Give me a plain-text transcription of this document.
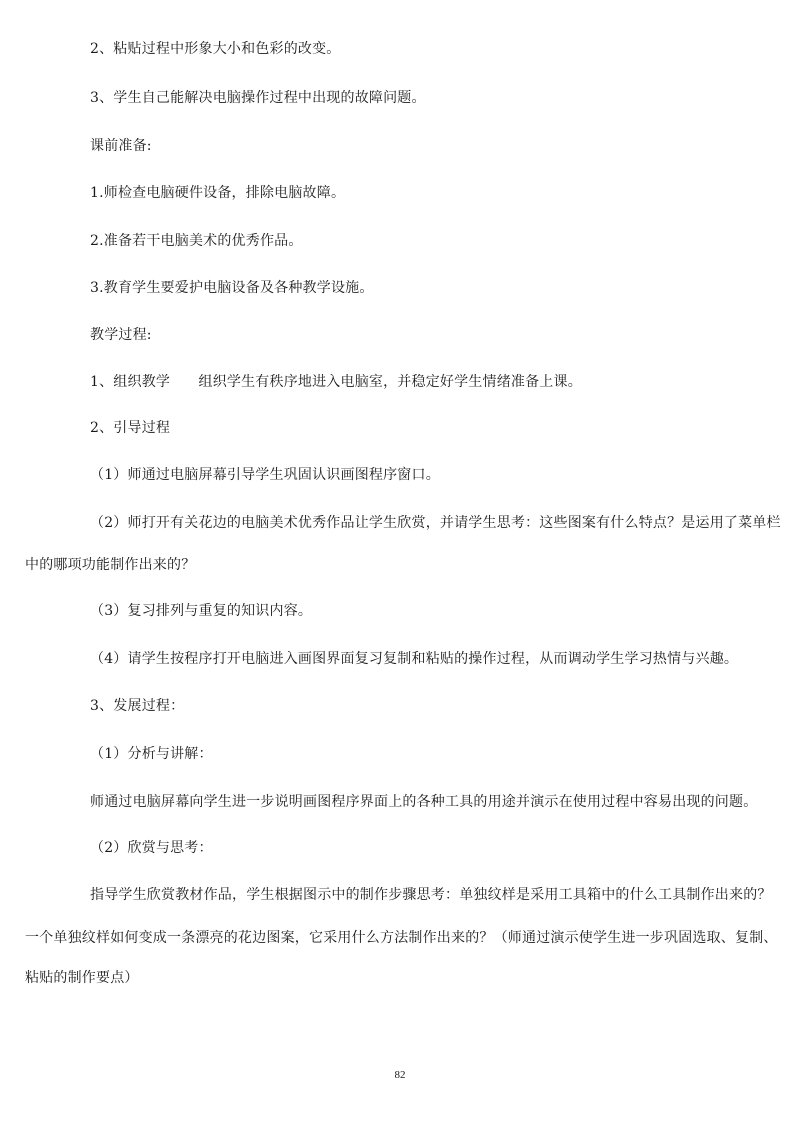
2、粘贴过程中形象大小和色彩的改变。
3、学生自己能解决电脑操作过程中出现的故障问题。
课前准备:
1.师检查电脑硬件设备，排除电脑故障。
2.准备若干电脑美术的优秀作品。
3.教育学生要爱护电脑设备及各种教学设施。
教学过程:
1、组织教学　　组织学生有秩序地进入电脑室，并稳定好学生情绪准备上课。
2、引导过程
（1）师通过电脑屏幕引导学生巩固认识画图程序窗口。
（2）师打开有关花边的电脑美术优秀作品让学生欣赏，并请学生思考：这些图案有什么特点？是运用了菜单栏
中的哪项功能制作出来的？
（3）复习排列与重复的知识内容。
（4）请学生按程序打开电脑进入画图界面复习复制和粘贴的操作过程，从而调动学生学习热情与兴趣。
3、发展过程：
（1）分析与讲解：
师通过电脑屏幕向学生进一步说明画图程序界面上的各种工具的用途并演示在使用过程中容易出现的问题。
（2）欣赏与思考：
指导学生欣赏教材作品，学生根据图示中的制作步骤思考：单独纹样是采用工具箱中的什么工具制作出来的？
一个单独纹样如何变成一条漂亮的花边图案，它采用什么方法制作出来的？（师通过演示使学生进一步巩固选取、复制、
粘贴的制作要点）
82
